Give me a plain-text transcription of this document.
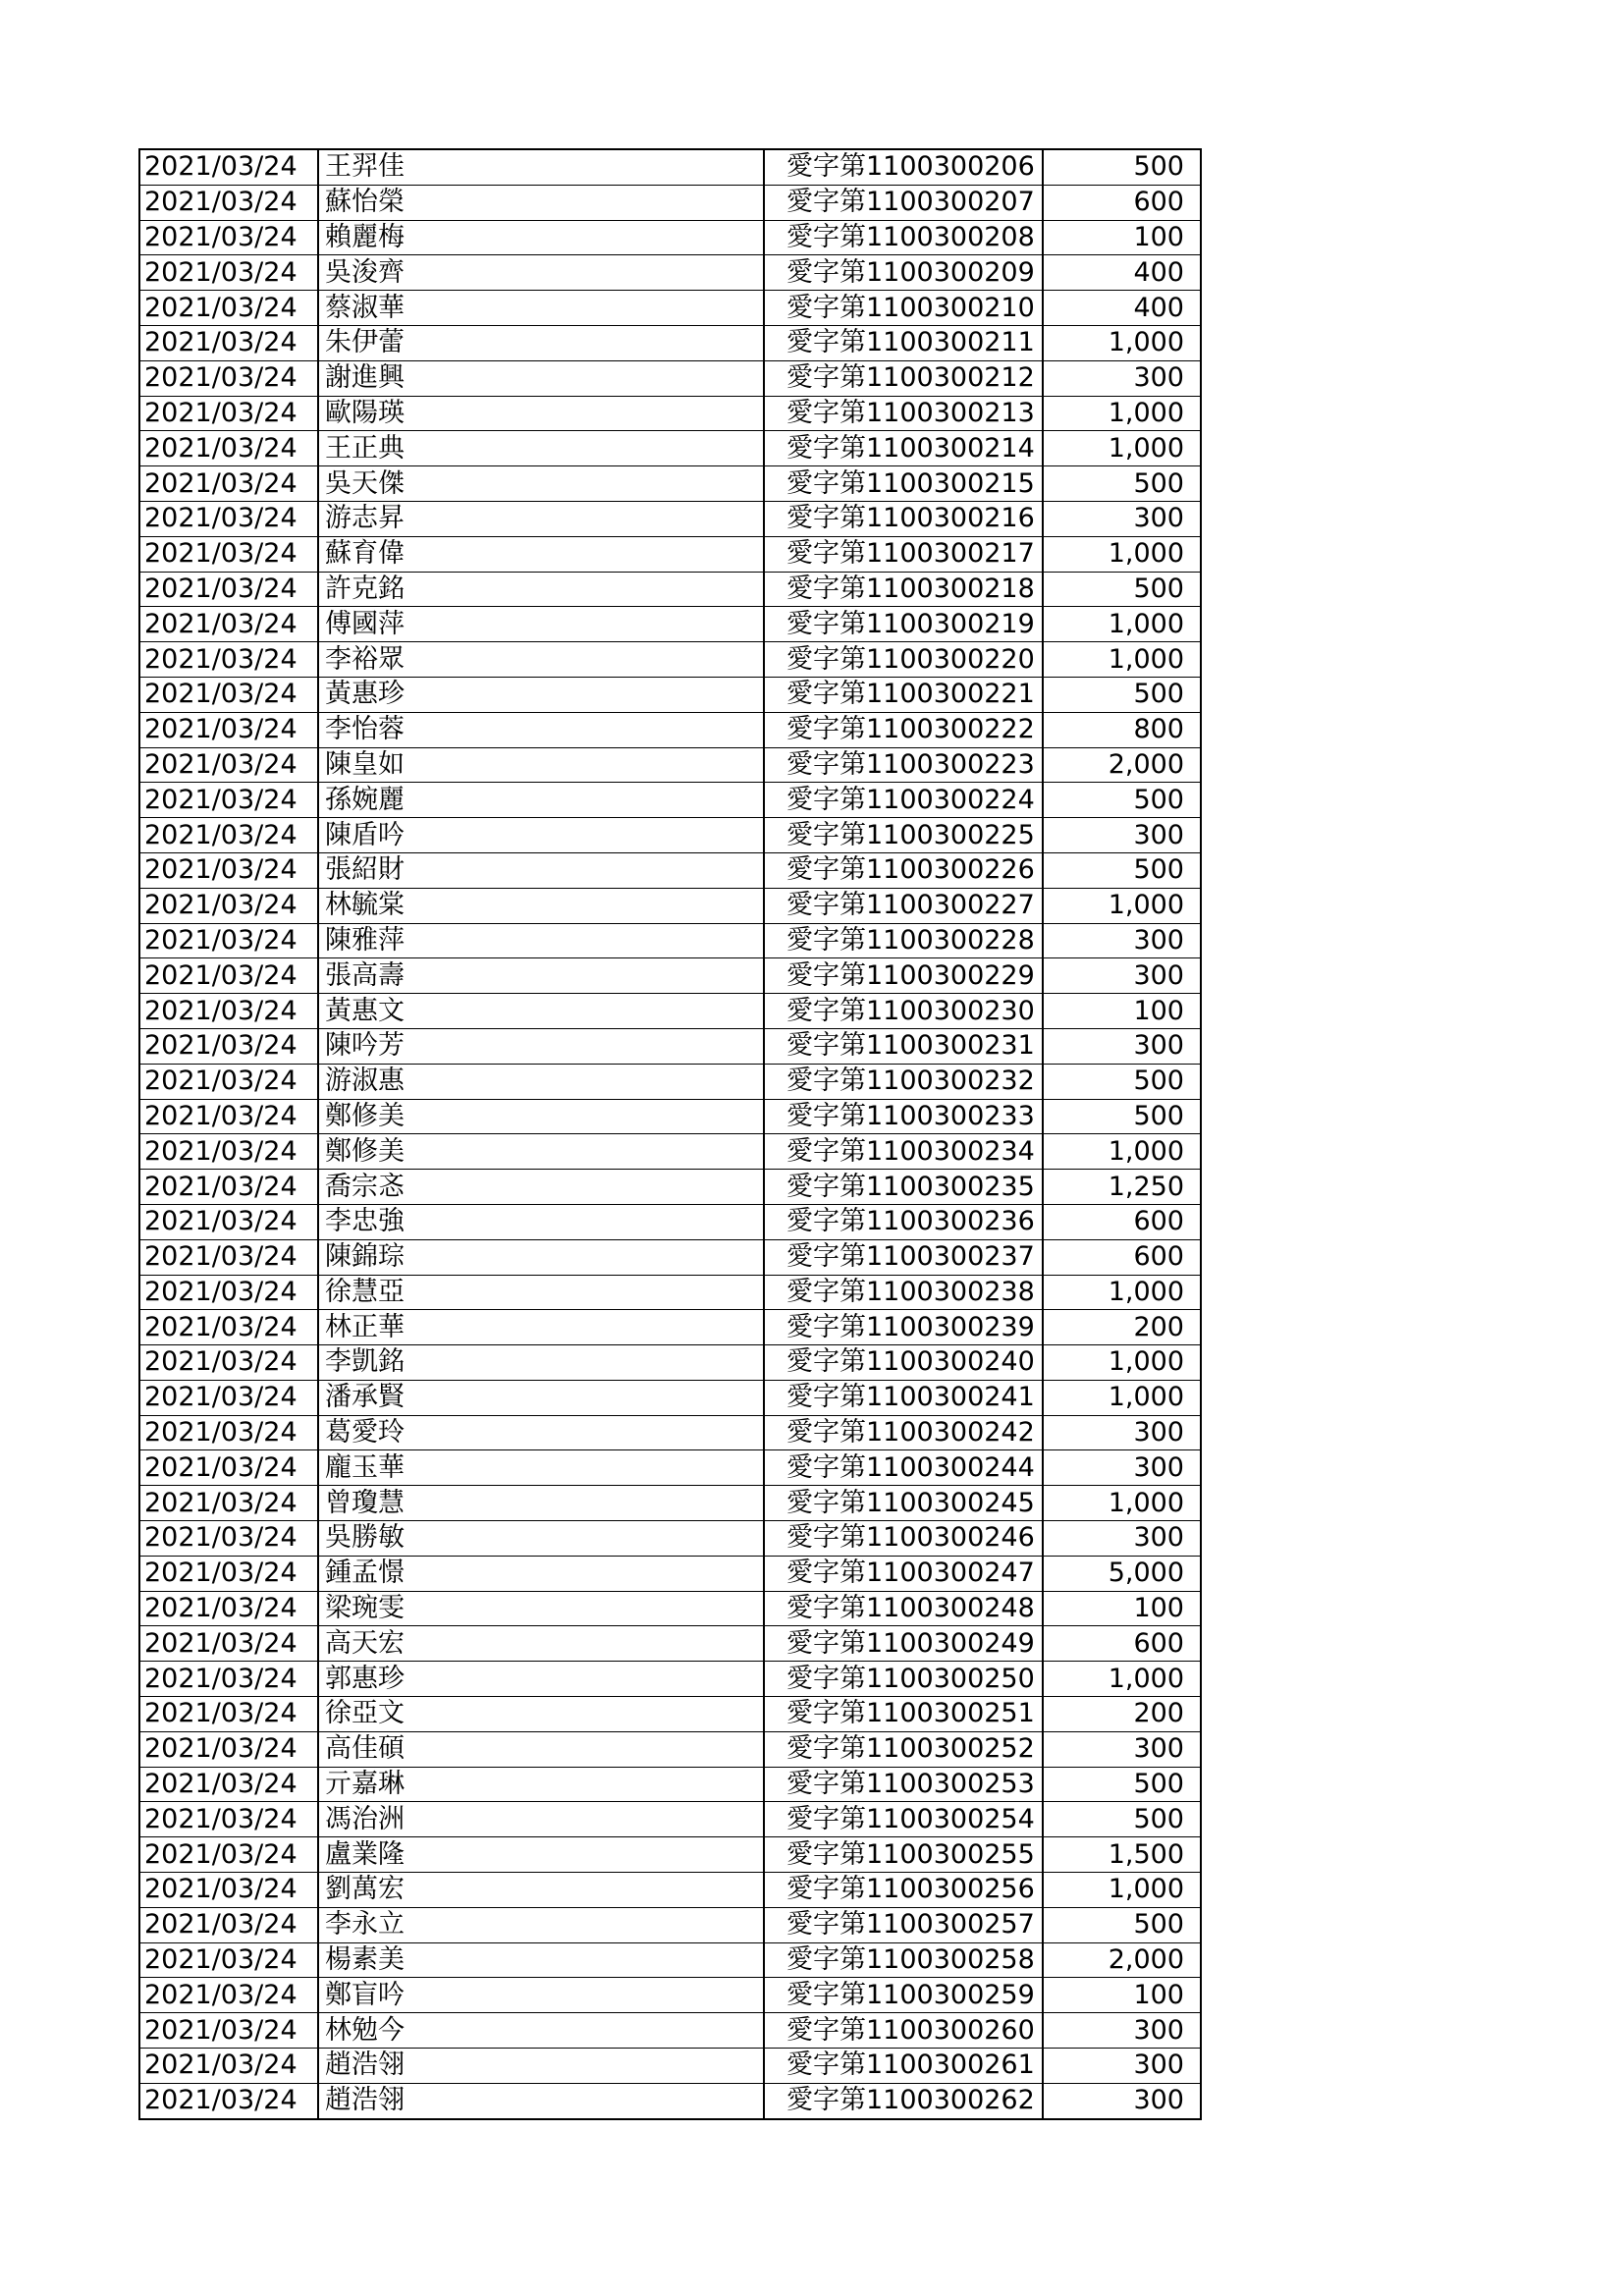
2021/03/24	王羿佳	愛字第1100300206	500
2021/03/24	蘇怡榮	愛字第1100300207	600
2021/03/24	賴麗梅	愛字第1100300208	100
2021/03/24	吳浚齊	愛字第1100300209	400
2021/03/24	蔡淑華	愛字第1100300210	400
2021/03/24	朱伊蕾	愛字第1100300211	1,000
2021/03/24	謝進興	愛字第1100300212	300
2021/03/24	歐陽瑛	愛字第1100300213	1,000
2021/03/24	王正典	愛字第1100300214	1,000
2021/03/24	吳天傑	愛字第1100300215	500
2021/03/24	游志昇	愛字第1100300216	300
2021/03/24	蘇育偉	愛字第1100300217	1,000
2021/03/24	許克銘	愛字第1100300218	500
2021/03/24	傅國萍	愛字第1100300219	1,000
2021/03/24	李裕眾	愛字第1100300220	1,000
2021/03/24	黃惠珍	愛字第1100300221	500
2021/03/24	李怡蓉	愛字第1100300222	800
2021/03/24	陳皇如	愛字第1100300223	2,000
2021/03/24	孫婉麗	愛字第1100300224	500
2021/03/24	陳盾吟	愛字第1100300225	300
2021/03/24	張紹財	愛字第1100300226	500
2021/03/24	林毓棠	愛字第1100300227	1,000
2021/03/24	陳雅萍	愛字第1100300228	300
2021/03/24	張高壽	愛字第1100300229	300
2021/03/24	黃惠文	愛字第1100300230	100
2021/03/24	陳吟芳	愛字第1100300231	300
2021/03/24	游淑惠	愛字第1100300232	500
2021/03/24	鄭修美	愛字第1100300233	500
2021/03/24	鄭修美	愛字第1100300234	1,000
2021/03/24	喬宗忞	愛字第1100300235	1,250
2021/03/24	李忠強	愛字第1100300236	600
2021/03/24	陳錦琮	愛字第1100300237	600
2021/03/24	徐慧亞	愛字第1100300238	1,000
2021/03/24	林正華	愛字第1100300239	200
2021/03/24	李凱銘	愛字第1100300240	1,000
2021/03/24	潘承賢	愛字第1100300241	1,000
2021/03/24	葛愛玲	愛字第1100300242	300
2021/03/24	龐玉華	愛字第1100300244	300
2021/03/24	曾瓊慧	愛字第1100300245	1,000
2021/03/24	吳勝敏	愛字第1100300246	300
2021/03/24	鍾孟憬	愛字第1100300247	5,000
2021/03/24	梁琬雯	愛字第1100300248	100
2021/03/24	高天宏	愛字第1100300249	600
2021/03/24	郭惠珍	愛字第1100300250	1,000
2021/03/24	徐亞文	愛字第1100300251	200
2021/03/24	高佳碩	愛字第1100300252	300
2021/03/24	亓嘉琳	愛字第1100300253	500
2021/03/24	馮治洲	愛字第1100300254	500
2021/03/24	盧業隆	愛字第1100300255	1,500
2021/03/24	劉萬宏	愛字第1100300256	1,000
2021/03/24	李永立	愛字第1100300257	500
2021/03/24	楊素美	愛字第1100300258	2,000
2021/03/24	鄭盲吟	愛字第1100300259	100
2021/03/24	林勉今	愛字第1100300260	300
2021/03/24	趙浩翎	愛字第1100300261	300
2021/03/24	趙浩翎	愛字第1100300262	300
